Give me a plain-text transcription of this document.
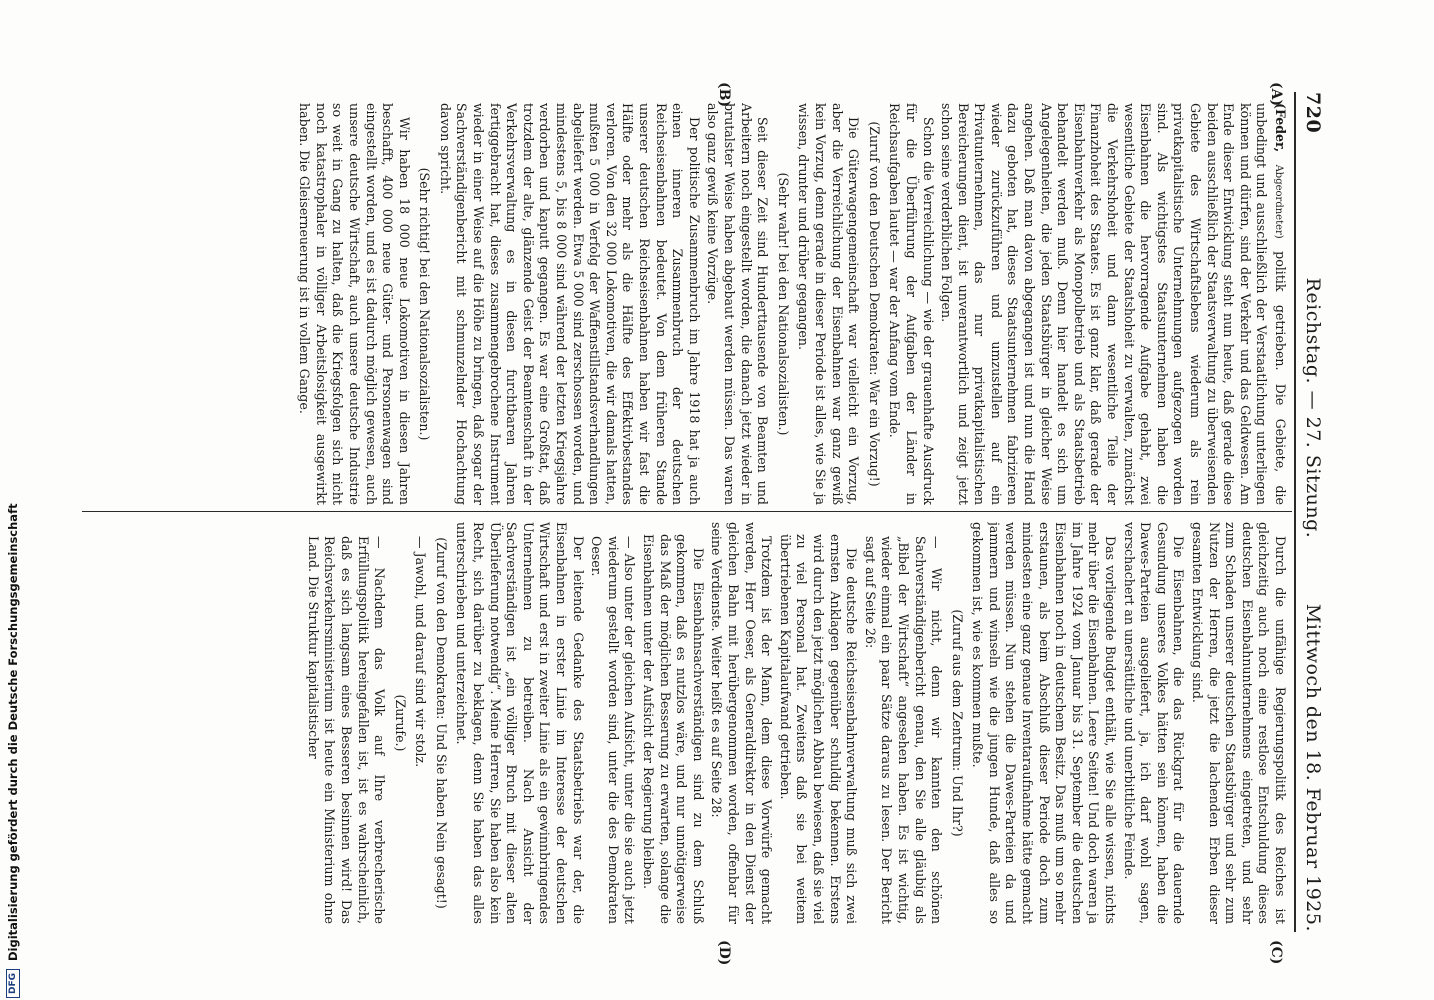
720
Reichstag. — 27. Sitzung.
Mittwoch den 18. Februar 1925.
(A)
(B)
(C)
(D)

(Feder, Abgeordneter) politik getrieben. Die Gebiete, die unbedingt und ausschließlich der Verstaatlichung unterliegen können und dürfen, sind der Verkehr und das Geldwesen. Am Ende dieser Entwicklung steht nun heute, daß gerade diese beiden ausschließlich der Staatsverwaltung zu überweisenden Gebiete des Wirtschaftslebens wiederum als rein privatkapitalistische Unternehmungen aufgezogen worden sind. Als wichtigstes Staatsunternehmen haben die Eisenbahnen die hervorragende Aufgabe gehabt, zwei wesentliche Gebiete der Staatshoheit zu verwalten, zunächst die Verkehrshoheit und dann wesentliche Teile der Finanzhoheit des Staates. Es ist ganz klar, daß gerade der Eisenbahnverkehr als Monopolbetrieb und als Staatsbetrieb behandelt werden muß. Denn hier handelt es sich um Angelegenheiten, die jeden Staatsbürger in gleicher Weise angehen. Daß man davon abgegangen ist und nun die Hand dazu geboten hat, dieses Staatsunternehmen fabrizieren wieder zurückzuführen und umzustellen auf ein Privatunternehmen, das nur privatkapitalistischen Bereicherungen dient, ist unverantwortlich und zeigt jetzt schon seine verderblichen Folgen.

Schon die Verreichlichung — wie der grauenhafte Ausdruck für die Überführung der Aufgaben der Länder in Reichsaufgaben lautet — war der Anfang vom Ende.

(Zuruf von den Deutschen Demokraten: War ein Vorzug!)

Die Güterwagengemeinschaft war vielleicht ein Vorzug, aber die Verreichlichung der Eisenbahnen war ganz gewiß kein Vorzug, denn gerade in dieser Periode ist alles, wie Sie ja wissen, drunter und drüber gegangen.

(Sehr wahr! bei den Nationalsozialisten.)

Seit dieser Zeit sind Hunderttausende von Beamten und Arbeitern noch eingestellt worden, die danach jetzt wieder in brutalster Weise haben abgebaut werden müssen. Das waren also ganz gewiß keine Vorzüge.

Der politische Zusammenbruch im Jahre 1918 hat ja auch einen inneren Zusammenbruch der deutschen Reichseisenbahnen bedeutet. Von dem früheren Stande unserer deutschen Reichseisenbahnen haben wir fast die Hälfte oder mehr als die Hälfte des Effektivbestandes verloren. Von den 32 000 Lokomotiven, die wir damals hatten, mußten 5 000 in Verfolg der Waffenstillstandsverhandlungen abgeliefert werden. Etwa 5 000 sind zerschossen worden, und mindestens 5, bis 8 000 sind während der letzten Kriegsjahre verdorben und kaputt gegangen. Es war eine Großtat, daß trotzdem der alte, glänzende Geist der Beamtenschaft in der Verkehrsverwaltung es in diesen furchtbaren Jahren fertiggebracht hat, dieses zusammengebrochene Instrument wieder in einer Weise auf die Höhe zu bringen, daß sogar der Sachverständigenbericht mit schmunzelnder Hochachtung davon spricht.

(Sehr richtig! bei den Nationalsozialisten.)

Wir haben 18 000 neue Lokomotiven in diesen Jahren beschafft, 400 000 neue Güter- und Personenwagen sind eingestellt worden, und es ist dadurch möglich gewesen, auch unsere deutsche Wirtschaft, auch unsere deutsche Industrie so weit in Gang zu halten, daß die Kriegsfolgen sich nicht noch katastrophaler in völliger Arbeitslosigkeit ausgewirkt haben. Die Gleiserneuerung ist in vollem Gange.

Durch die unfähige Regierungspolitik des Reiches ist gleichzeitig auch noch eine restlose Entschuldung dieses deutschen Eisenbahnunternehmens eingetreten, und sehr zum Schaden unserer deutschen Staatsbürger und sehr zum Nutzen der Herren, die jetzt die lachenden Erben dieser gesamten Entwicklung sind.

Die Eisenbahnen, die das Rückgrat für die dauernde Gesundung unseres Volkes hätten sein können, haben die Dawes-Parteien ausgeliefert, ja, ich darf wohl sagen, verschachert an unersättliche und unerbittliche Feinde.

Das vorliegende Budget enthält, wie Sie alle wissen, nichts mehr über die Eisenbahnen. Leere Seiten! Und doch waren ja im Jahre 1924 vom Januar bis 31. September die deutschen Eisenbahnen noch in deutschem Besitz. Das muß um so mehr erstaunen, als beim Abschluß dieser Periode doch zum mindesten eine ganz genaue Inventaraufnahme hätte gemacht werden müssen. Nun stehen die Dawes-Parteien da und jammern und winseln wie die jungen Hunde, daß alles so gekommen ist, wie es kommen mußte.

(Zuruf aus dem Zentrum: Und Ihr?)

— Wir nicht, denn wir kannten den schönen Sachverständigenbericht genau, den Sie alle gläubig als „Bibel der Wirtschaft“ angesehen haben. Es ist wichtig, wieder einmal ein paar Sätze daraus zu lesen. Der Bericht sagt auf Seite 26:

Die deutsche Reichseisenbahnverwaltung muß sich zwei ernsten Anklagen gegenüber schuldig bekennen. Erstens wird durch den jetzt möglichen Abbau bewiesen, daß sie viel zu viel Personal hat. Zweitens daß sie bei weitem übertriebenen Kapitalaufwand getrieben.

Trotzdem ist der Mann, dem diese Vorwürfe gemacht werden, Herr Oeser, als Generaldirektor in den Dienst der gleichen Bahn mit herübergenommen worden, offenbar für seine Verdienste. Weiter heißt es auf Seite 28:

Die Eisenbahnsachverständigen sind zu dem Schluß gekommen, daß es nutzlos wäre, und nur unnötigerweise das Maß der möglichen Besserung zu erwarten, solange die Eisenbahnen unter der Aufsicht der Regierung bleiben.

— Also unter der gleichen Aufsicht, unter die sie auch jetzt wiederum gestellt worden sind, unter die des Demokraten Oeser.

Der leitende Gedanke des Staatsbetriebs war der, die Eisenbahnen in erster Linie im Interesse der deutschen Wirtschaft und erst in zweiter Linie als ein gewinnbringendes Unternehmen zu betreiben. Nach Ansicht der Sachverständigen ist „ein völliger Bruch mit dieser alten Überlieferung notwendig“. Meine Herren, Sie haben also kein Recht, sich darüber zu beklagen, denn Sie haben das alles unterschrieben und unterzeichnet.

(Zuruf von den Demokraten: Und Sie haben Nein gesagt!)

— Jawohl, und darauf sind wir stolz.

(Zurufe.)

— Nachdem das Volk auf Ihre verbrecherische Erfüllungspolitik hereingefallen ist, ist es wahrscheinlich, daß es sich langsam eines Besseren besinnen wird! Das Reichsverkehrsministerium ist heute ein Ministerium ohne Land. Die Struktur kapitalistischer

DFG
Digitalisierung gefördert durch die Deutsche Forschungsgemeinschaft
